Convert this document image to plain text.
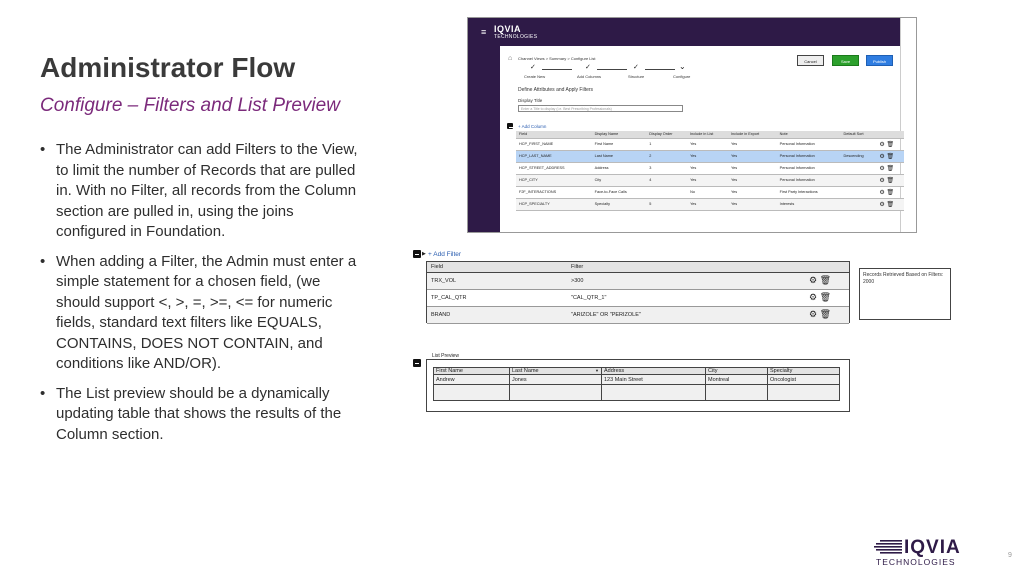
Administrator Flow
Configure – Filters and List Preview
• The Administrator can add Filters to the View, to limit the number of Records that are pulled in. With no Filter, all records from the Column section are pulled in, using the joins configured in Foundation.
• When adding a Filter, the Admin must enter a simple statement for a chosen field, (we should support <, >, =, >=, <= for numeric fields, standard text filters like EQUALS, CONTAINS, DOES NOT CONTAIN, and conditions like AND/OR).
• The List preview should be a dynamically updating table that shows the results of the Column section.
≡ IQVIA
TECHNOLOGIES
⌂ Channel Views > Summary > Configure List
Cancel	Save	Publish
✓	✓	✓	⌄
Create New	Add Columns	Structure	Configure
Define Attributes and Apply Filters
Display Title
Enter a Title to display (i.e. Best Prescribing Professionals)
+ Add Column
Field	Display Name	Display Order	Include in List	Include in Export	Note	Default Sort	
HCP_FIRST_NAME	First Name	1	Yes	Yes	Personal Information		⚙ 🗑
HCP_LAST_NAME	Last Name	2	Yes	Yes	Personal Information	Descending	⚙ 🗑
HCP_STREET_ADDRESS	Address	3	Yes	Yes	Personal Information		⚙ 🗑
HCP_CITY	City	4	Yes	Yes	Personal Information		⚙ 🗑
F2F_INTERACTIONS	Face-to-Face Calls		No	Yes	First Party Interactions		⚙ 🗑
HCP_SPECIALTY	Specialty	5	Yes	Yes	Interests		⚙ 🗑
▶ + Add Filter
Field	Filter	
TRX_VOL	>300	⚙ 🗑
TP_CAL_QTR	"CAL_QTR_1"	⚙ 🗑
BRAND	"ARIZOLE" OR "PERIZOLE"	⚙ 🗑
Records Retrieved Based on Filters: 2000
List Preview
First Name	Last Name ▼	Address	City	Specialty
Andrew	Jones	123 Main Street	Montreal	Oncologist

IQVIA
TECHNOLOGIES
9
